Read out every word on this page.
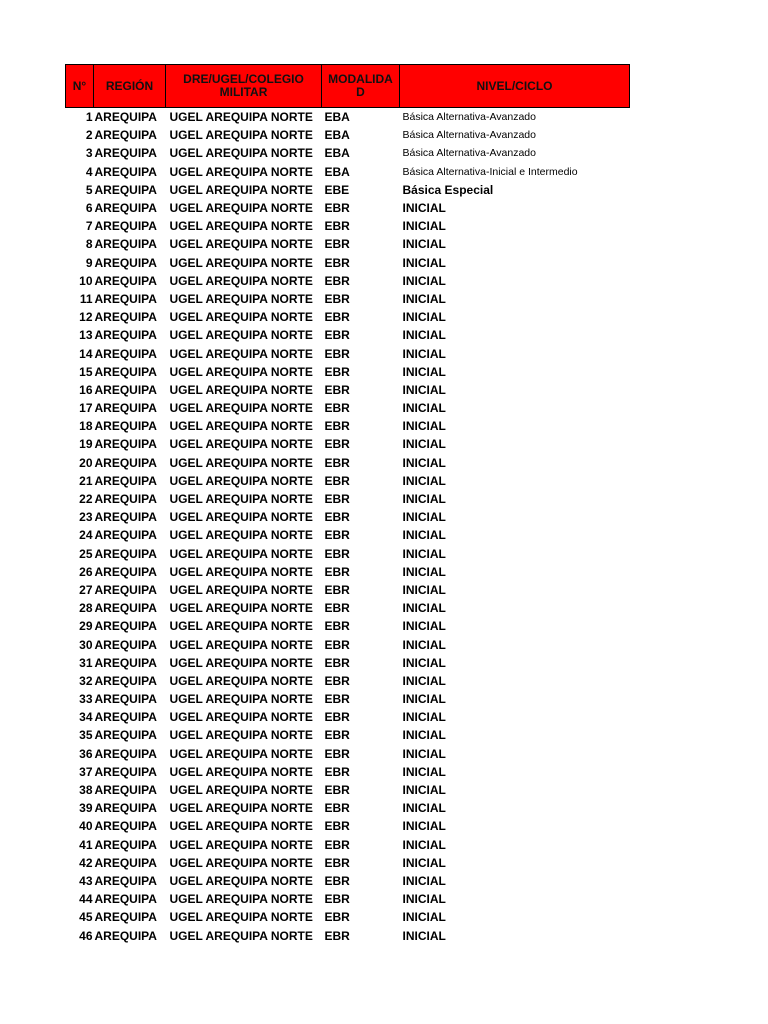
N°	REGIÓN	DRE/UGEL/COLEGIO MILITAR	MODALIDAD	NIVEL/CICLO
1	AREQUIPA	UGEL AREQUIPA NORTE	EBA	Básica Alternativa-Avanzado
2	AREQUIPA	UGEL AREQUIPA NORTE	EBA	Básica Alternativa-Avanzado
3	AREQUIPA	UGEL AREQUIPA NORTE	EBA	Básica Alternativa-Avanzado
4	AREQUIPA	UGEL AREQUIPA NORTE	EBA	Básica Alternativa-Inicial e Intermedio
5	AREQUIPA	UGEL AREQUIPA NORTE	EBE	Básica Especial
6	AREQUIPA	UGEL AREQUIPA NORTE	EBR	INICIAL
7	AREQUIPA	UGEL AREQUIPA NORTE	EBR	INICIAL
8	AREQUIPA	UGEL AREQUIPA NORTE	EBR	INICIAL
9	AREQUIPA	UGEL AREQUIPA NORTE	EBR	INICIAL
10	AREQUIPA	UGEL AREQUIPA NORTE	EBR	INICIAL
11	AREQUIPA	UGEL AREQUIPA NORTE	EBR	INICIAL
12	AREQUIPA	UGEL AREQUIPA NORTE	EBR	INICIAL
13	AREQUIPA	UGEL AREQUIPA NORTE	EBR	INICIAL
14	AREQUIPA	UGEL AREQUIPA NORTE	EBR	INICIAL
15	AREQUIPA	UGEL AREQUIPA NORTE	EBR	INICIAL
16	AREQUIPA	UGEL AREQUIPA NORTE	EBR	INICIAL
17	AREQUIPA	UGEL AREQUIPA NORTE	EBR	INICIAL
18	AREQUIPA	UGEL AREQUIPA NORTE	EBR	INICIAL
19	AREQUIPA	UGEL AREQUIPA NORTE	EBR	INICIAL
20	AREQUIPA	UGEL AREQUIPA NORTE	EBR	INICIAL
21	AREQUIPA	UGEL AREQUIPA NORTE	EBR	INICIAL
22	AREQUIPA	UGEL AREQUIPA NORTE	EBR	INICIAL
23	AREQUIPA	UGEL AREQUIPA NORTE	EBR	INICIAL
24	AREQUIPA	UGEL AREQUIPA NORTE	EBR	INICIAL
25	AREQUIPA	UGEL AREQUIPA NORTE	EBR	INICIAL
26	AREQUIPA	UGEL AREQUIPA NORTE	EBR	INICIAL
27	AREQUIPA	UGEL AREQUIPA NORTE	EBR	INICIAL
28	AREQUIPA	UGEL AREQUIPA NORTE	EBR	INICIAL
29	AREQUIPA	UGEL AREQUIPA NORTE	EBR	INICIAL
30	AREQUIPA	UGEL AREQUIPA NORTE	EBR	INICIAL
31	AREQUIPA	UGEL AREQUIPA NORTE	EBR	INICIAL
32	AREQUIPA	UGEL AREQUIPA NORTE	EBR	INICIAL
33	AREQUIPA	UGEL AREQUIPA NORTE	EBR	INICIAL
34	AREQUIPA	UGEL AREQUIPA NORTE	EBR	INICIAL
35	AREQUIPA	UGEL AREQUIPA NORTE	EBR	INICIAL
36	AREQUIPA	UGEL AREQUIPA NORTE	EBR	INICIAL
37	AREQUIPA	UGEL AREQUIPA NORTE	EBR	INICIAL
38	AREQUIPA	UGEL AREQUIPA NORTE	EBR	INICIAL
39	AREQUIPA	UGEL AREQUIPA NORTE	EBR	INICIAL
40	AREQUIPA	UGEL AREQUIPA NORTE	EBR	INICIAL
41	AREQUIPA	UGEL AREQUIPA NORTE	EBR	INICIAL
42	AREQUIPA	UGEL AREQUIPA NORTE	EBR	INICIAL
43	AREQUIPA	UGEL AREQUIPA NORTE	EBR	INICIAL
44	AREQUIPA	UGEL AREQUIPA NORTE	EBR	INICIAL
45	AREQUIPA	UGEL AREQUIPA NORTE	EBR	INICIAL
46	AREQUIPA	UGEL AREQUIPA NORTE	EBR	INICIAL
